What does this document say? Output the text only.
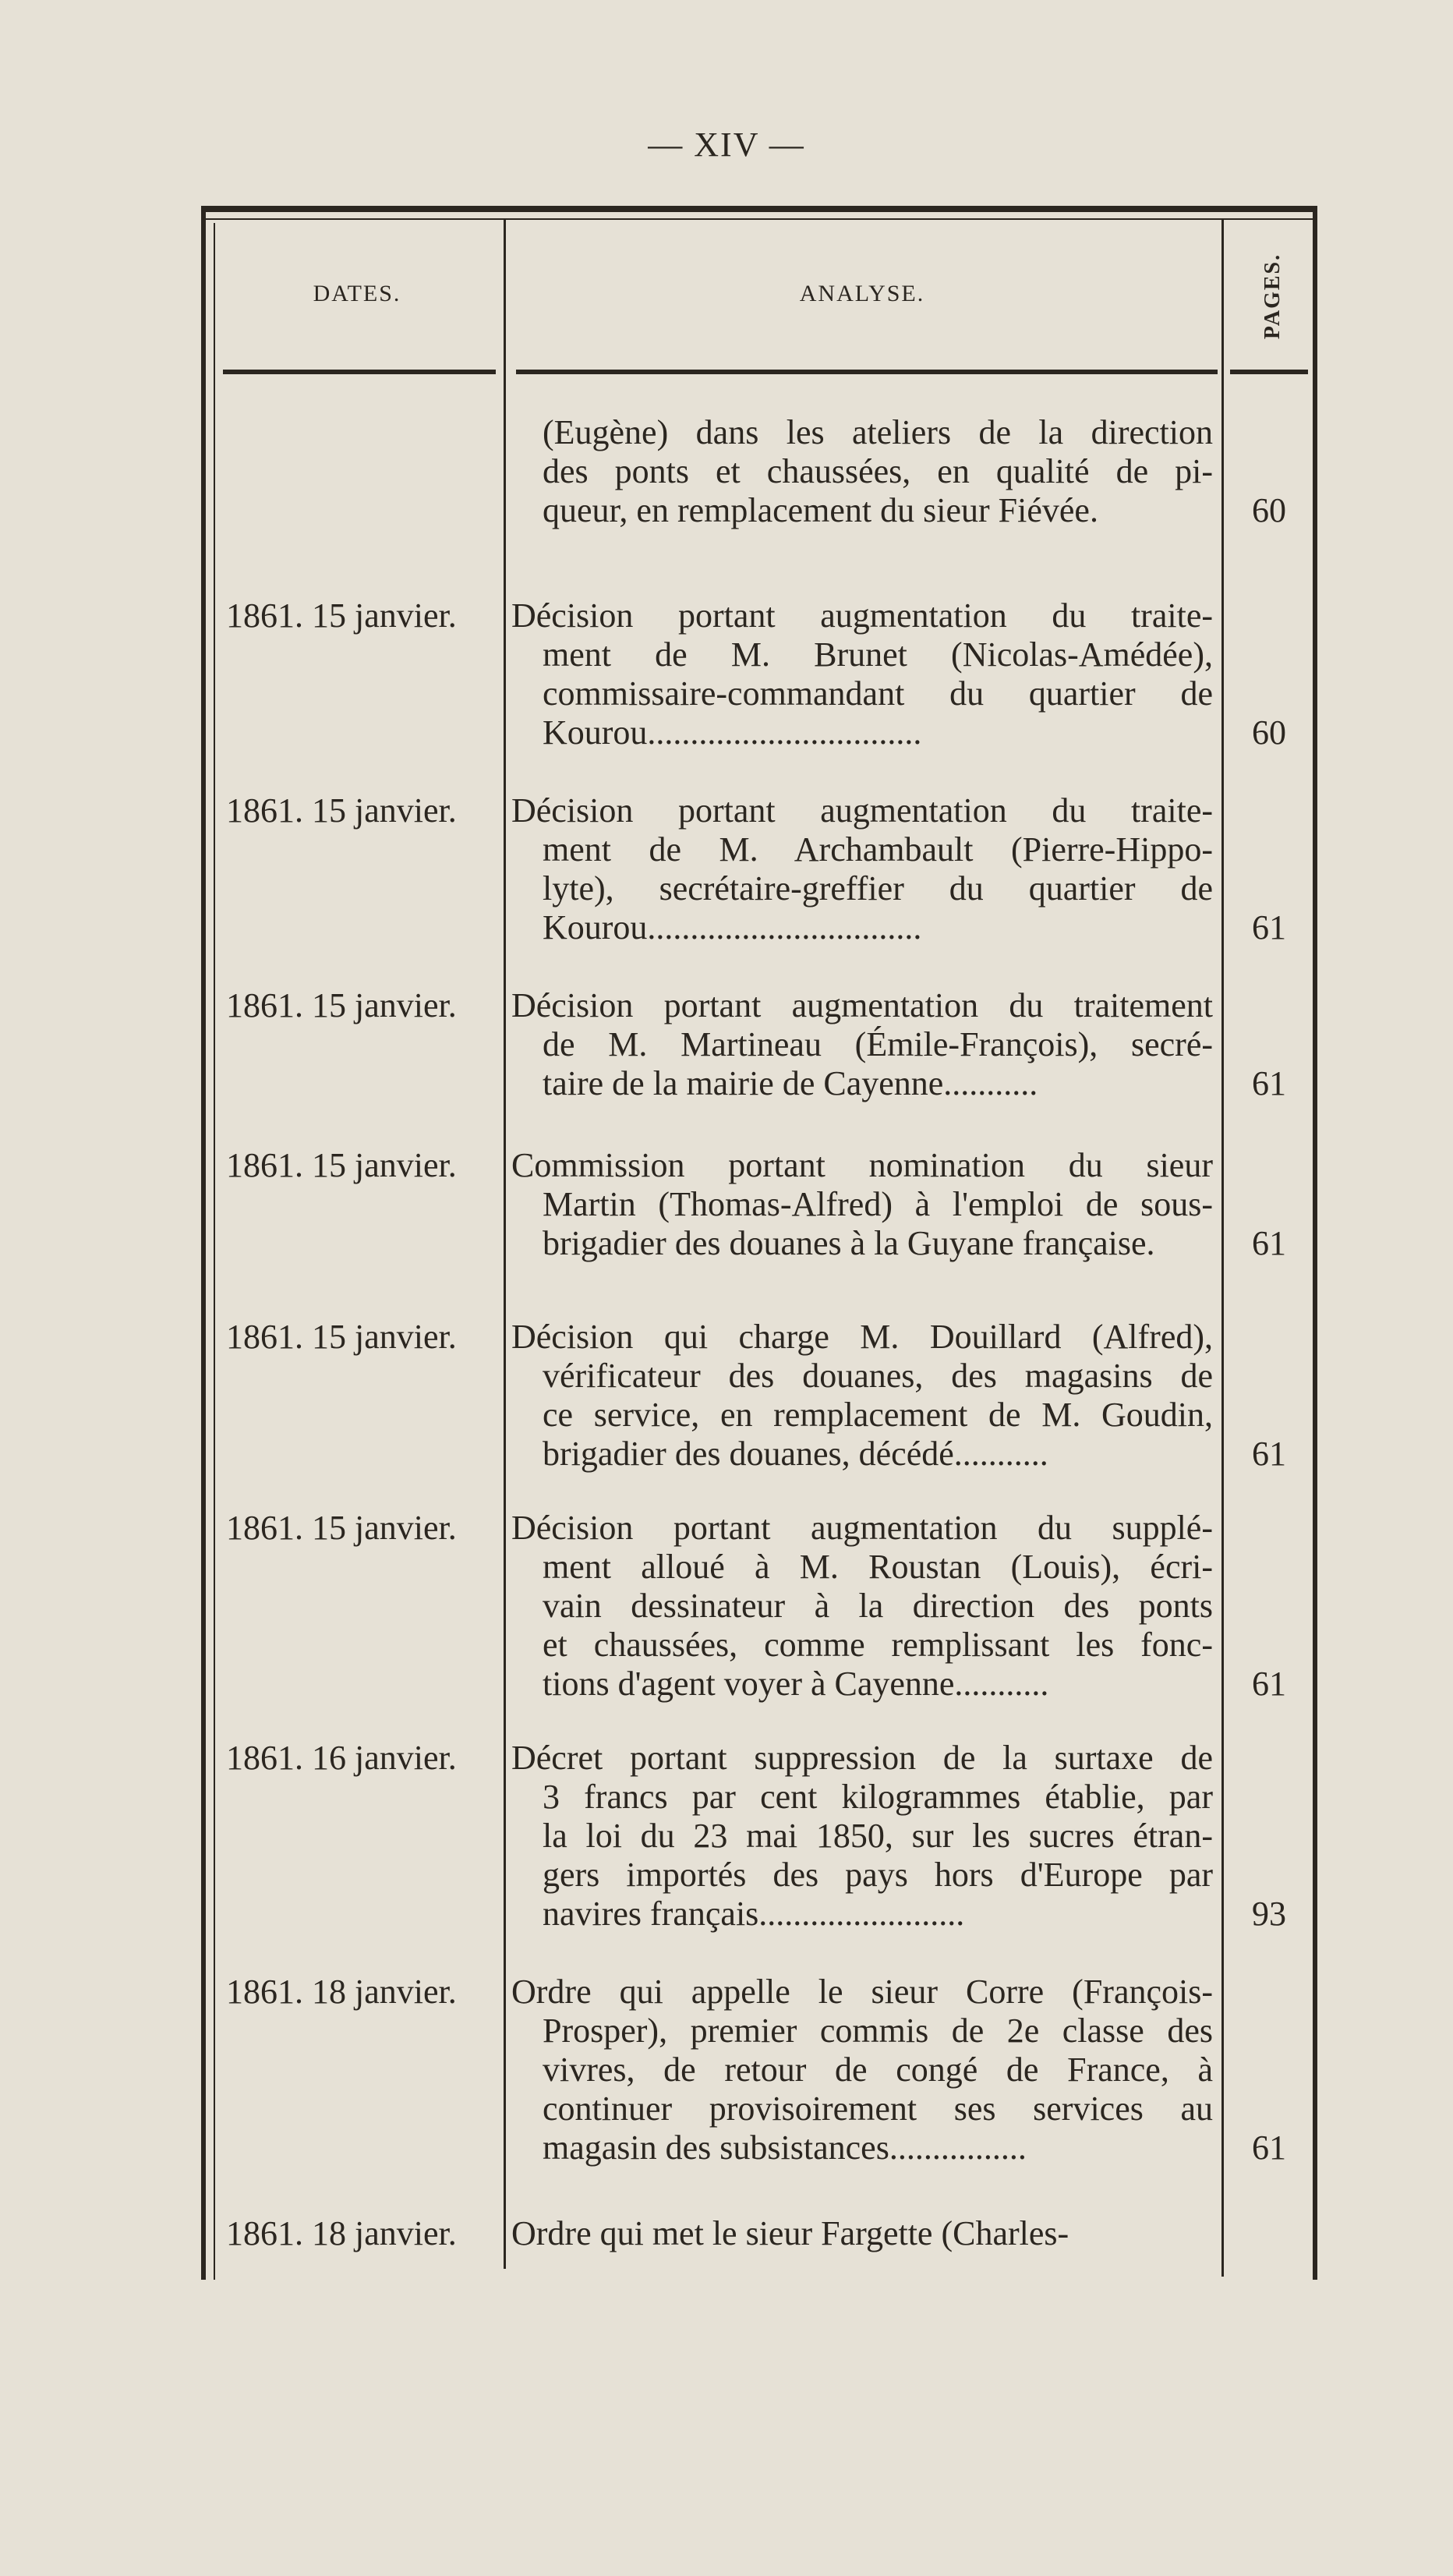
— XIV —
DATES.	ANALYSE.	PAGES.
(Eugène) dans les ateliers de la direction
des ponts et chaussées, en qualité de pi-
queur, en remplacement du sieur Fiévée.	60
1861. 15 janvier.	Décision portant augmentation du traite-
ment de M. Brunet (Nicolas-Amédée),
commissaire-commandant du quartier de
Kourou................................	60
1861. 15 janvier.	Décision portant augmentation du traite-
ment de M. Archambault (Pierre-Hippo-
lyte), secrétaire-greffier du quartier de
Kourou................................	61
1861. 15 janvier.	Décision portant augmentation du traitement
de M. Martineau (Émile-François), secré-
taire de la mairie de Cayenne...........	61
1861. 15 janvier.	Commission portant nomination du sieur
Martin (Thomas-Alfred) à l'emploi de sous-
brigadier des douanes à la Guyane française.	61
1861. 15 janvier.	Décision qui charge M. Douillard (Alfred),
vérificateur des douanes, des magasins de
ce service, en remplacement de M. Goudin,
brigadier des douanes, décédé...........	61
1861. 15 janvier.	Décision portant augmentation du supplé-
ment alloué à M. Roustan (Louis), écri-
vain dessinateur à la direction des ponts
et chaussées, comme remplissant les fonc-
tions d'agent voyer à Cayenne...........	61
1861. 16 janvier.	Décret portant suppression de la surtaxe de
3 francs par cent kilogrammes établie, par
la loi du 23 mai 1850, sur les sucres étran-
gers importés des pays hors d'Europe par
navires français........................	93
1861. 18 janvier.	Ordre qui appelle le sieur Corre (François-
Prosper), premier commis de 2e classe des
vivres, de retour de congé de France, à
continuer provisoirement ses services au
magasin des subsistances................	61
1861. 18 janvier.	Ordre qui met le sieur Fargette (Charles-
